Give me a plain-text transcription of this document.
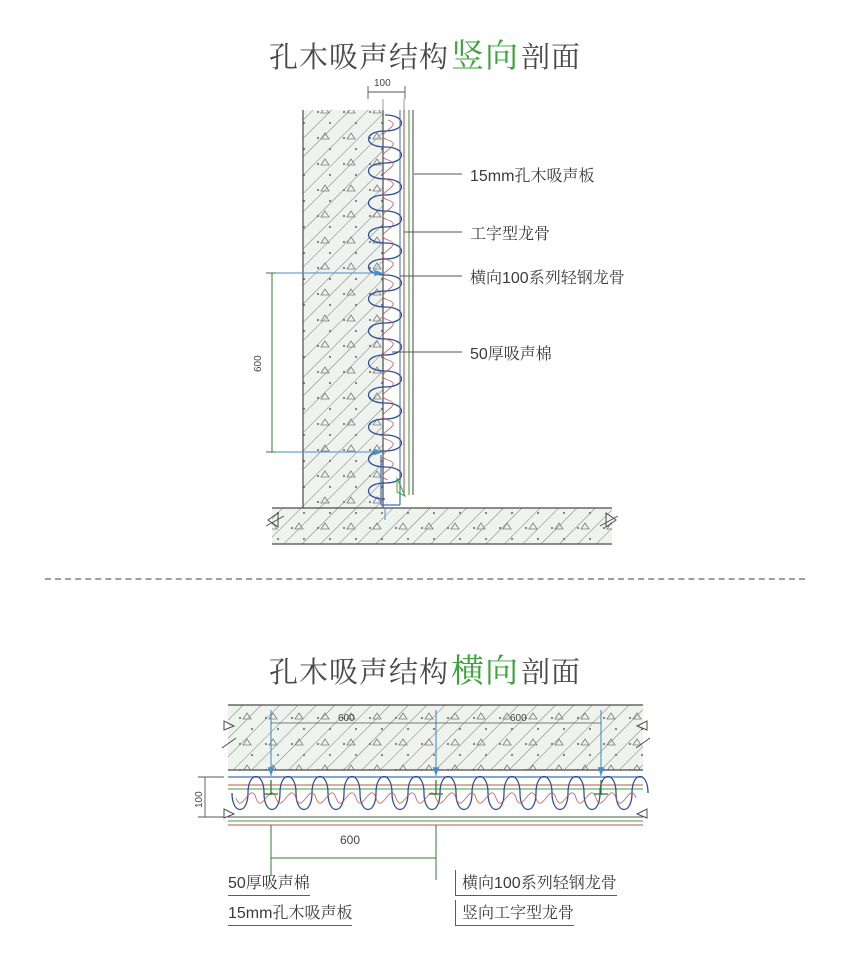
孔木吸声结构竖向剖面
100
600
15mm孔木吸声板
工字型龙骨
横向100系列轻钢龙骨
50厚吸声棉
孔木吸声结构横向剖面
600	600
100
600
50厚吸声棉
15mm孔木吸声板
横向100系列轻钢龙骨
竖向工字型龙骨
